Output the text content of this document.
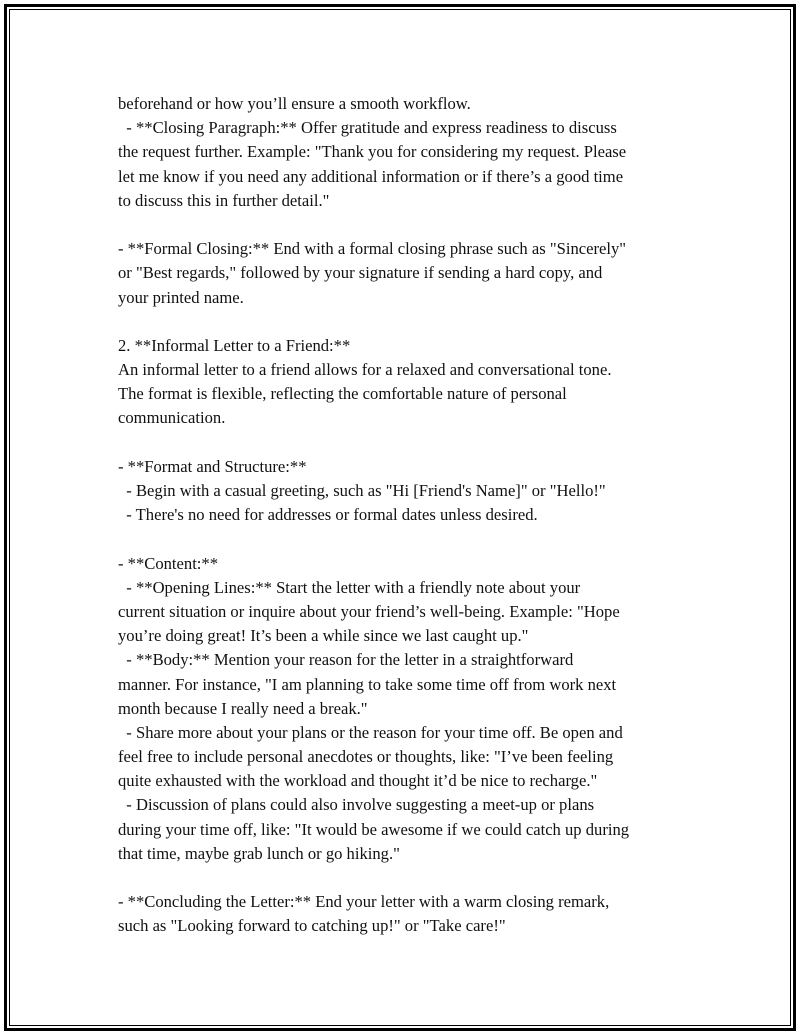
beforehand or how you’ll ensure a smooth workflow.
- **Closing Paragraph:** Offer gratitude and express readiness to discuss
the request further. Example: "Thank you for considering my request. Please
let me know if you need any additional information or if there’s a good time
to discuss this in further detail."
- **Formal Closing:** End with a formal closing phrase such as "Sincerely"
or "Best regards," followed by your signature if sending a hard copy, and
your printed name.
2. **Informal Letter to a Friend:**
An informal letter to a friend allows for a relaxed and conversational tone.
The format is flexible, reflecting the comfortable nature of personal
communication.
- **Format and Structure:**
- Begin with a casual greeting, such as "Hi [Friend's Name]" or "Hello!"
- There's no need for addresses or formal dates unless desired.
- **Content:**
- **Opening Lines:** Start the letter with a friendly note about your
current situation or inquire about your friend’s well-being. Example: "Hope
you’re doing great! It’s been a while since we last caught up."
- **Body:** Mention your reason for the letter in a straightforward
manner. For instance, "I am planning to take some time off from work next
month because I really need a break."
- Share more about your plans or the reason for your time off. Be open and
feel free to include personal anecdotes or thoughts, like: "I’ve been feeling
quite exhausted with the workload and thought it’d be nice to recharge."
- Discussion of plans could also involve suggesting a meet-up or plans
during your time off, like: "It would be awesome if we could catch up during
that time, maybe grab lunch or go hiking."
- **Concluding the Letter:** End your letter with a warm closing remark,
such as "Looking forward to catching up!" or "Take care!"
